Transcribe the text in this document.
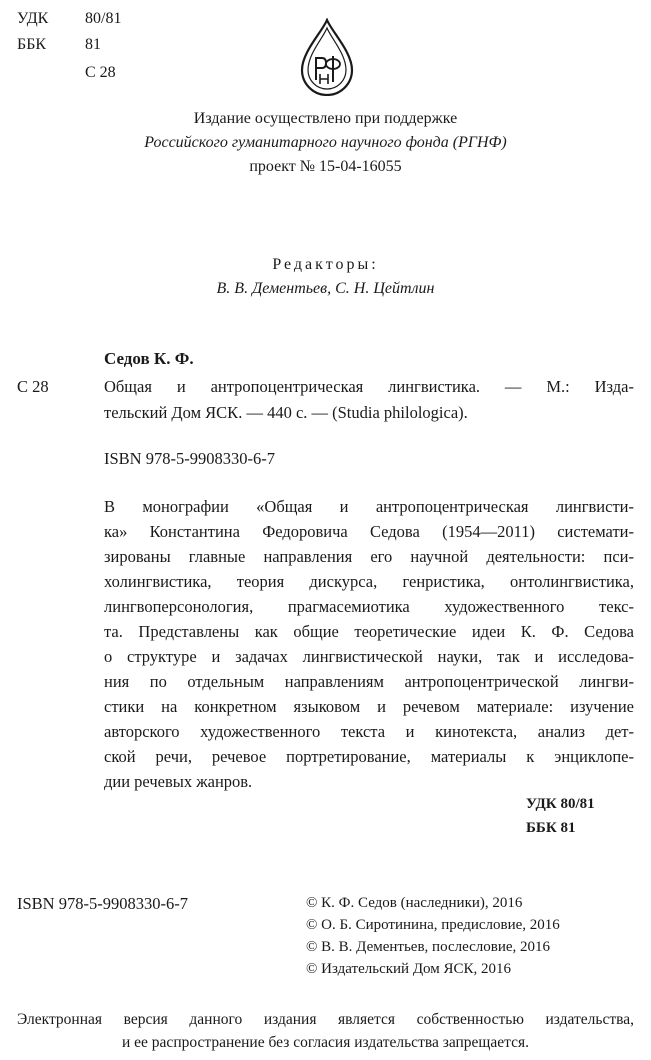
УДК 80/81
ББК 81
С 28
Издание осуществлено при поддержке
Российского гуманитарного научного фонда (РГНФ)
проект № 15-04-16055
Редакторы:
В. В. Дементьев, С. Н. Цейтлин
Седов К. Ф.
С 28	Общая и антропоцентрическая лингвистика. — М.: Изда-
тельский Дом ЯСК. — 440 с. — (Studia philologica).
ISBN 978-5-9908330-6-7
В монографии «Общая и антропоцентрическая лингвисти-
ка» Константина Федоровича Седова (1954—2011) системати-
зированы главные направления его научной деятельности: пси-
холингвистика, теория дискурса, генристика, онтолингвистика,
лингвоперсонология, прагмасемиотика художественного текс-
та. Представлены как общие теоретические идеи К. Ф. Седова
о структуре и задачах лингвистической науки, так и исследова-
ния по отдельным направлениям антропоцентрической лингви-
стики на конкретном языковом и речевом материале: изучение
авторского художественного текста и кинотекста, анализ дет-
ской речи, речевое портретирование, материалы к энциклопе-
дии речевых жанров.
УДК 80/81
ББК 81
ISBN 978-5-9908330-6-7	© К. Ф. Седов (наследники), 2016
© О. Б. Сиротинина, предисловие, 2016
© В. В. Дементьев, послесловие, 2016
© Издательский Дом ЯСК, 2016
Электронная версия данного издания является собственностью издательства,
и ее распространение без согласия издательства запрещается.
